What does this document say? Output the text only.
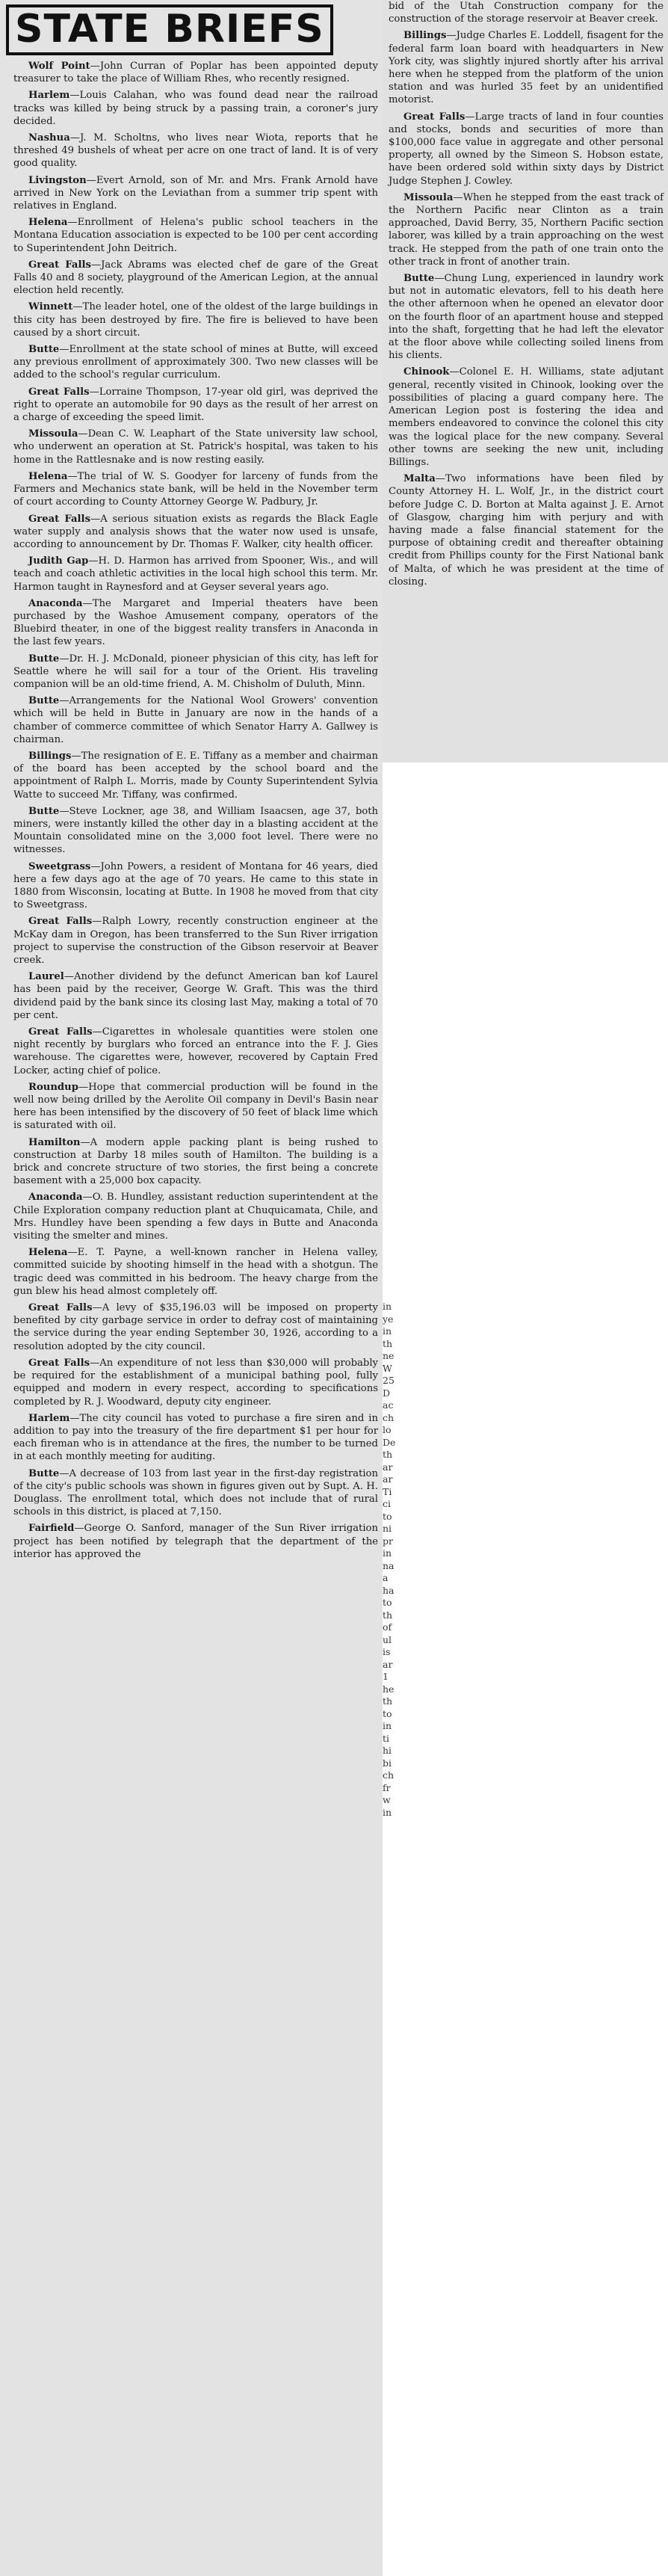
STATE BRIEFS

Wolf Point—John Curran of Poplar has been appointed deputy treasurer to take the place of William Rhes, who recently resigned.

Harlem—Louis Calahan, who was found dead near the railroad tracks was killed by being struck by a passing train, a coroner's jury decided.

Nashua—J. M. Scholtns, who lives near Wiota, reports that he threshed 49 bushels of wheat per acre on one tract of land. It is of very good quality.

Livingston—Evert Arnold, son of Mr. and Mrs. Frank Arnold have arrived in New York on the Leviathan from a summer trip spent with relatives in England.

Helena—Enrollment of Helena's public school teachers in the Montana Education association is expected to be 100 per cent according to Superintendent John Deitrich.

Great Falls—Jack Abrams was elected chef de gare of the Great Falls 40 and 8 society, playground of the American Legion, at the annual election held recently.

Winnett—The leader hotel, one of the oldest of the large buildings in this city has been destroyed by fire. The fire is believed to have been caused by a short circuit.

Butte—Enrollment at the state school of mines at Butte, will exceed any previous enrollment of approximately 300. Two new classes will be added to the school's regular curriculum.

Great Falls—Lorraine Thompson, 17-year old girl, was deprived the right to operate an automobile for 90 days as the result of her arrest on a charge of exceeding the speed limit.

Missoula—Dean C. W. Leaphart of the State university law school, who underwent an operation at St. Patrick's hospital, was taken to his home in the Rattlesnake and is now resting easily.

Helena—The trial of W. S. Goodyer for larceny of funds from the Farmers and Mechanics state bank, will be held in the November term of court according to County Attorney George W. Padbury, Jr.

Great Falls—A serious situation exists as regards the Black Eagle water supply and analysis shows that the water now used is unsafe, according to announcement by Dr. Thomas F. Walker, city health officer.

Judith Gap—H. D. Harmon has arrived from Spooner, Wis., and will teach and coach athletic activities in the local high school this term. Mr. Harmon taught in Raynesford and at Geyser several years ago.

Anaconda—The Margaret and Imperial theaters have been purchased by the Washoe Amusement company, operators of the Bluebird theater, in one of the biggest reality transfers in Anaconda in the last few years.

Butte—Dr. H. J. McDonald, pioneer physician of this city, has left for Seattle where he will sail for a tour of the Orient. His traveling companion will be an old-time friend, A. M. Chisholm of Duluth, Minn.

Butte—Arrangements for the National Wool Growers' convention which will be held in Butte in January are now in the hands of a chamber of commerce committee of which Senator Harry A. Gallwey is chairman.

Billings—The resignation of E. E. Tiffany as a member and chairman of the board has been accepted by the school board and the appointment of Ralph L. Morris, made by County Superintendent Sylvia Watte to succeed Mr. Tiffany, was confirmed.

Butte—Steve Lockner, age 38, and William Isaacsen, age 37, both miners, were instantly killed the other day in a blasting accident at the Mountain consolidated mine on the 3,000 foot level. There were no witnesses.

Sweetgrass—John Powers, a resident of Montana for 46 years, died here a few days ago at the age of 70 years. He came to this state in 1880 from Wisconsin, locating at Butte. In 1908 he moved from that city to Sweetgrass.

Great Falls—Ralph Lowry, recently construction engineer at the McKay dam in Oregon, has been transferred to the Sun River irrigation project to supervise the construction of the Gibson reservoir at Beaver creek.

Laurel—Another dividend by the defunct American ban kof Laurel has been paid by the receiver, George W. Graft. This was the third dividend paid by the bank since its closing last May, making a total of 70 per cent.

Great Falls—Cigarettes in wholesale quantities were stolen one night recently by burglars who forced an entrance into the F. J. Gies warehouse. The cigarettes were, however, recovered by Captain Fred Locker, acting chief of police.

Roundup—Hope that commercial production will be found in the well now being drilled by the Aerolite Oil company in Devil's Basin near here has been intensified by the discovery of 50 feet of black lime which is saturated with oil.

Hamilton—A modern apple packing plant is being rushed to construction at Darby 18 miles south of Hamilton. The building is a brick and concrete structure of two stories, the first being a concrete basement with a 25,000 box capacity.

Anaconda—O. B. Hundley, assistant reduction superintendent at the Chile Exploration company reduction plant at Chuquicamata, Chile, and Mrs. Hundley have been spending a few days in Butte and Anaconda visiting the smelter and mines.

Helena—E. T. Payne, a well-known rancher in Helena valley, committed suicide by shooting himself in the head with a shotgun. The tragic deed was committed in his bedroom. The heavy charge from the gun blew his head almost completely off.

Great Falls—A levy of $35,196.03 will be imposed on property benefited by city garbage service in order to defray cost of maintaining the service during the year ending September 30, 1926, according to a resolution adopted by the city council.

Great Falls—An expenditure of not less than $30,000 will probably be required for the establishment of a municipal bathing pool, fully equipped and modern in every respect, according to specifications completed by R. J. Woodward, deputy city engineer.

Harlem—The city council has voted to purchase a fire siren and in addition to pay into the treasury of the fire department $1 per hour for each fireman who is in attendance at the fires, the number to be turned in at each monthly meeting for auditing.

Butte—A decrease of 103 from last year in the first-day registration of the city's public schools was shown in figures given out by Supt. A. H. Douglass. The enrollment total, which does not include that of rural schools in this district, is placed at 7,150.

Fairfield—George O. Sanford, manager of the Sun River irrigation project has been notified by telegraph that the department of the interior has approved the

bid of the Utah Construction company for the construction of the storage reservoir at Beaver creek.

Billings—Judge Charles E. Loddell, fisagent for the federal farm loan board with headquarters in New York city, was slightly injured shortly after his arrival here when he stepped from the platform of the union station and was hurled 35 feet by an unidentified motorist.

Great Falls—Large tracts of land in four counties and stocks, bonds and securities of more than $100,000 face value in aggregate and other personal property, all owned by the Simeon S. Hobson estate, have been ordered sold within sixty days by District Judge Stephen J. Cowley.

Missoula—When he stepped from the east track of the Northern Pacific near Clinton as a train approached, David Berry, 35, Northern Pacific section laborer, was killed by a train approaching on the west track. He stepped from the path of one train onto the other track in front of another train.

Butte—Chung Lung, experienced in laundry work but not in automatic elevators, fell to his death here the other afternoon when he opened an elevator door on the fourth floor of an apartment house and stepped into the shaft, forgetting that he had left the elevator at the floor above while collecting soiled linens from his clients.

Chinook—Colonel E. H. Williams, state adjutant general, recently visited in Chinook, looking over the possibilities of placing a guard company here. The American Legion post is fostering the idea and members endeavored to convince the colonel this city was the logical place for the new company. Several other towns are seeking the new unit, including Billings.

Malta—Two informations have been filed by County Attorney H. L. Wolf, Jr., in the district court before Judge C. D. Borton at Malta against J. E. Arnot of Glasgow, charging him with perjury and with having made a false financial statement for the purpose of obtaining credit and thereafter obtaining credit from Phillips county for the First National bank of Malta, of which he was president at the time of closing.

in
ye
in
th
ne
W
25
D
ac
ch
lo
De
th
ar
ar
Ti
ci
to
ni
pr
in
na
a
ha
to
th
of
ul
is
ar
1
he
th
to
in
ti
hi
bi
ch
fr
w
in
